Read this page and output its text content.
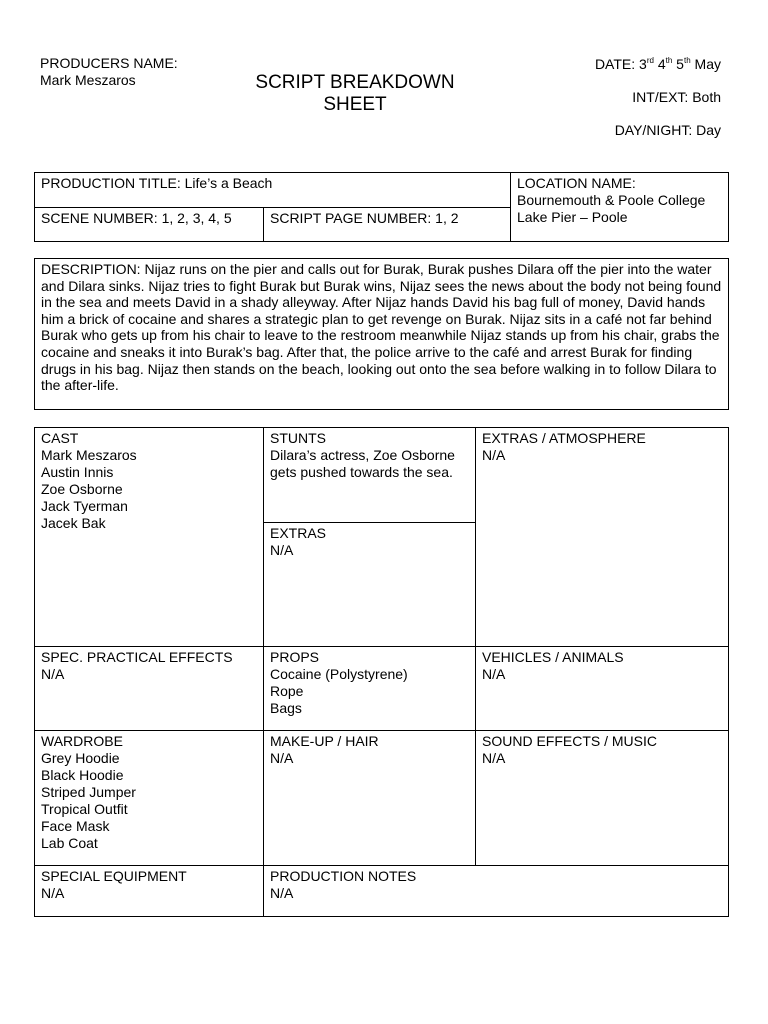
PRODUCERS NAME:
Mark Meszaros	SCRIPT BREAKDOWN
SHEET
DATE: 3rd 4th 5th May
INT/EXT: Both
DAY/NIGHT: Day
PRODUCTION TITLE: Life’s a Beach
SCENE NUMBER: 1, 2, 3, 4, 5	SCRIPT PAGE NUMBER: 1, 2
LOCATION NAME:
Bournemouth & Poole College
Lake Pier – Poole
DESCRIPTION: Nijaz runs on the pier and calls out for Burak, Burak pushes Dilara off the pier into the water and Dilara sinks. Nijaz tries to fight Burak but Burak wins, Nijaz sees the news about the body not being found in the sea and meets David in a shady alleyway. After Nijaz hands David his bag full of money, David hands him a brick of cocaine and shares a strategic plan to get revenge on Burak. Nijaz sits in a café not far behind Burak who gets up from his chair to leave to the restroom meanwhile Nijaz stands up from his chair, grabs the cocaine and sneaks it into Burak’s bag. After that, the police arrive to the café and arrest Burak for finding drugs in his bag. Nijaz then stands on the beach, looking out onto the sea before walking in to follow Dilara to the after-life.
CAST
Mark Meszaros
Austin Innis
Zoe Osborne
Jack Tyerman
Jacek Bak
STUNTS
Dilara’s actress, Zoe Osborne gets pushed towards the sea.
EXTRAS
N/A
EXTRAS / ATMOSPHERE
N/A
SPEC. PRACTICAL EFFECTS
N/A
PROPS
Cocaine (Polystyrene)
Rope
Bags
VEHICLES / ANIMALS
N/A
WARDROBE
Grey Hoodie
Black Hoodie
Striped Jumper
Tropical Outfit
Face Mask
Lab Coat
MAKE-UP / HAIR
N/A
SOUND EFFECTS / MUSIC
N/A
SPECIAL EQUIPMENT
N/A
PRODUCTION NOTES
N/A
